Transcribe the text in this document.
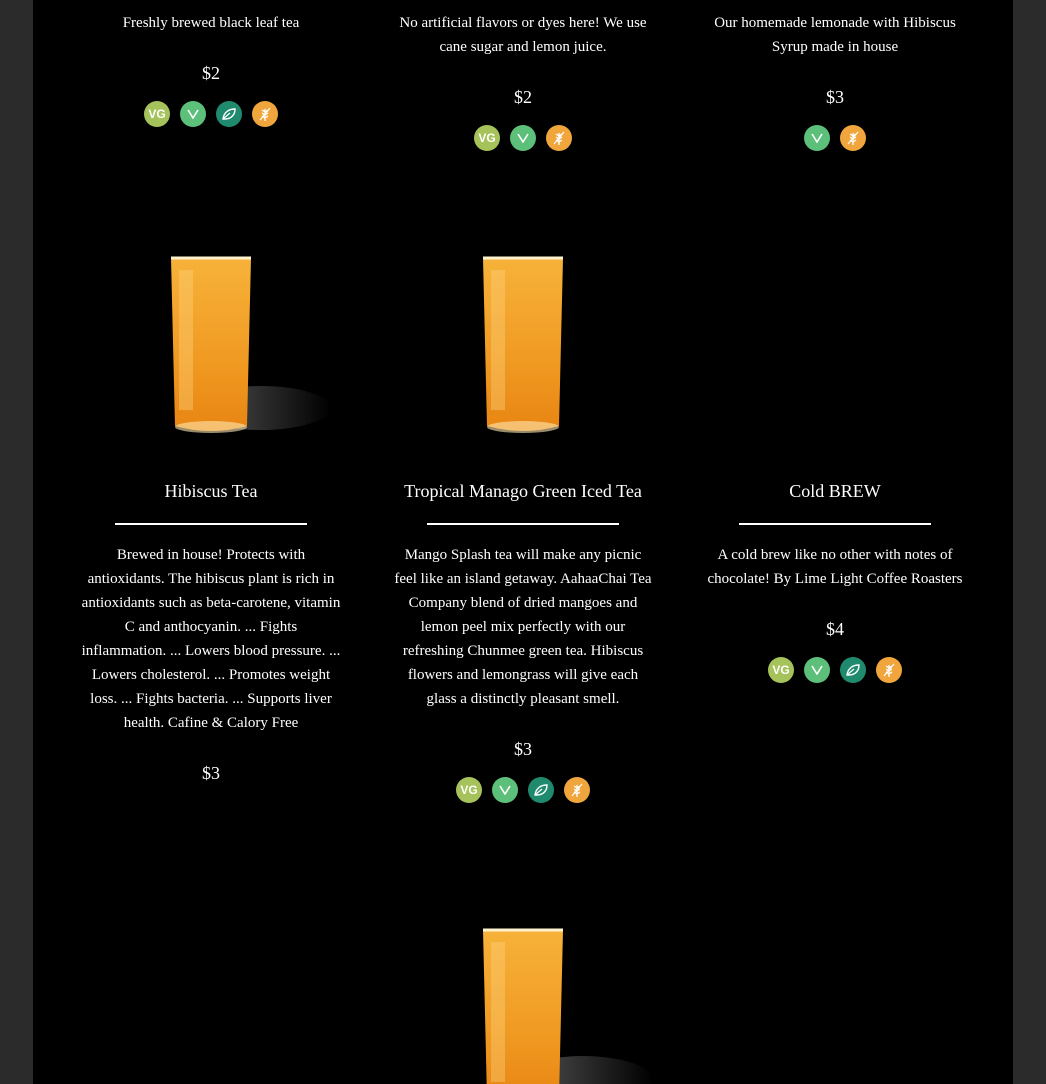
Freshly brewed black leaf tea

$2

VG

No artificial flavors or dyes here! We use cane sugar and lemon juice.

$2

VG

Our homemade lemonade with Hibiscus Syrup made in house

$3

Hibiscus Tea

Brewed in house! Protects with antioxidants. The hibiscus plant is rich in antioxidants such as beta-carotene, vitamin C and anthocyanin. ... Fights inflammation. ... Lowers blood pressure. ... Lowers cholesterol. ... Promotes weight loss. ... Fights bacteria. ... Supports liver health. Cafine & Calory Free

$3

Tropical Manago Green Iced Tea

Mango Splash tea will make any picnic feel like an island getaway. AahaaChai Tea Company blend of dried mangoes and lemon peel mix perfectly with our refreshing Chunmee green tea. Hibiscus flowers and lemongrass will give each glass a distinctly pleasant smell.

$3

VG
Cold BREW

A cold brew like no other with notes of chocolate! By Lime Light Coffee Roasters

$4

VG
